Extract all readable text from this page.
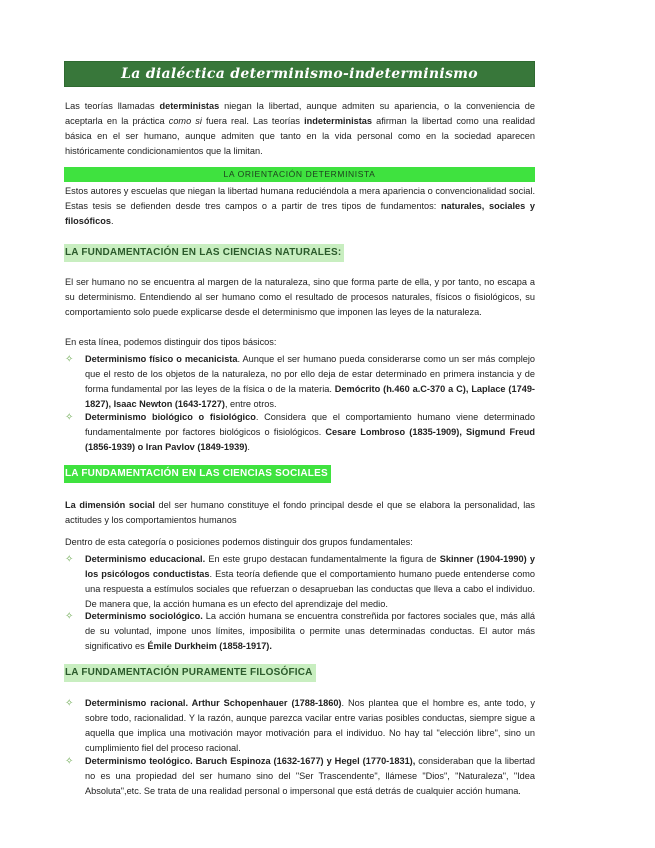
La dialéctica determinismo-indeterminismo
Las teorías llamadas deterministas niegan la libertad, aunque admiten su apariencia, o la conveniencia de aceptarla en la práctica como si fuera real. Las teorías indeterministas afirman la libertad como una realidad básica en el ser humano, aunque admiten que tanto en la vida personal como en la sociedad aparecen históricamente condicionamientos que la limitan.
LA ORIENTACIÓN DETERMINISTA
Estos autores y escuelas que niegan la libertad humana reduciéndola a mera apariencia o convencionalidad social. Estas tesis se defienden desde tres campos o a partir de tres tipos de fundamentos: naturales, sociales y filosóficos.
LA FUNDAMENTACIÓN EN LAS CIENCIAS NATURALES:
El ser humano no se encuentra al margen de la naturaleza, sino que forma parte de ella, y por tanto, no escapa a su determinismo. Entendiendo al ser humano como el resultado de procesos naturales, físicos o fisiológicos, su comportamiento solo puede explicarse desde el determinismo que imponen las leyes de la naturaleza.
En esta línea, podemos distinguir dos tipos básicos:
✧ Determinismo físico o mecanicista. Aunque el ser humano pueda considerarse como un ser más complejo que el resto de los objetos de la naturaleza, no por ello deja de estar determinado en primera instancia y de forma fundamental por las leyes de la física o de la materia. Demócrito (h.460 a.C-370 a C), Laplace (1749-1827), Isaac Newton (1643-1727), entre otros.
✧ Determinismo biológico o fisiológico. Considera que el comportamiento humano viene determinado fundamentalmente por factores biológicos o fisiológicos. Cesare Lombroso (1835-1909), Sigmund Freud (1856-1939) o Iran Pavlov (1849-1939).
LA FUNDAMENTACIÓN EN LAS CIENCIAS SOCIALES
La dimensión social del ser humano constituye el fondo principal desde el que se elabora la personalidad, las actitudes y los comportamientos humanos
Dentro de esta categoría o posiciones podemos distinguir dos grupos fundamentales:
✧ Determinismo educacional. En este grupo destacan fundamentalmente la figura de Skinner (1904-1990) y los psicólogos conductistas. Esta teoría defiende que el comportamiento humano puede entenderse como una respuesta a estímulos sociales que refuerzan o desaprueban las conductas que lleva a cabo el individuo. De manera que, la acción humana es un efecto del aprendizaje del medio.
✧ Determinismo sociológico. La acción humana se encuentra constreñida por factores sociales que, más allá de su voluntad, impone unos límites, imposibilita o permite unas determinadas conductas. El autor más significativo es Émile Durkheim (1858-1917).
LA FUNDAMENTACIÓN PURAMENTE FILOSÓFICA
✧ Determinismo racional. Arthur Schopenhauer (1788-1860). Nos plantea que el hombre es, ante todo, y sobre todo, racionalidad. Y la razón, aunque parezca vacilar entre varias posibles conductas, siempre sigue a aquella que implica una motivación mayor motivación para el individuo. No hay tal "elección libre", sino un cumplimiento fiel del proceso racional.
✧ Determinismo teológico. Baruch Espinoza (1632-1677) y Hegel (1770-1831), consideraban que la libertad no es una propiedad del ser humano sino del "Ser Trascendente", llámese "Dios", "Naturaleza", "Idea Absoluta",etc. Se trata de una realidad personal o impersonal que está detrás de cualquier acción humana.
